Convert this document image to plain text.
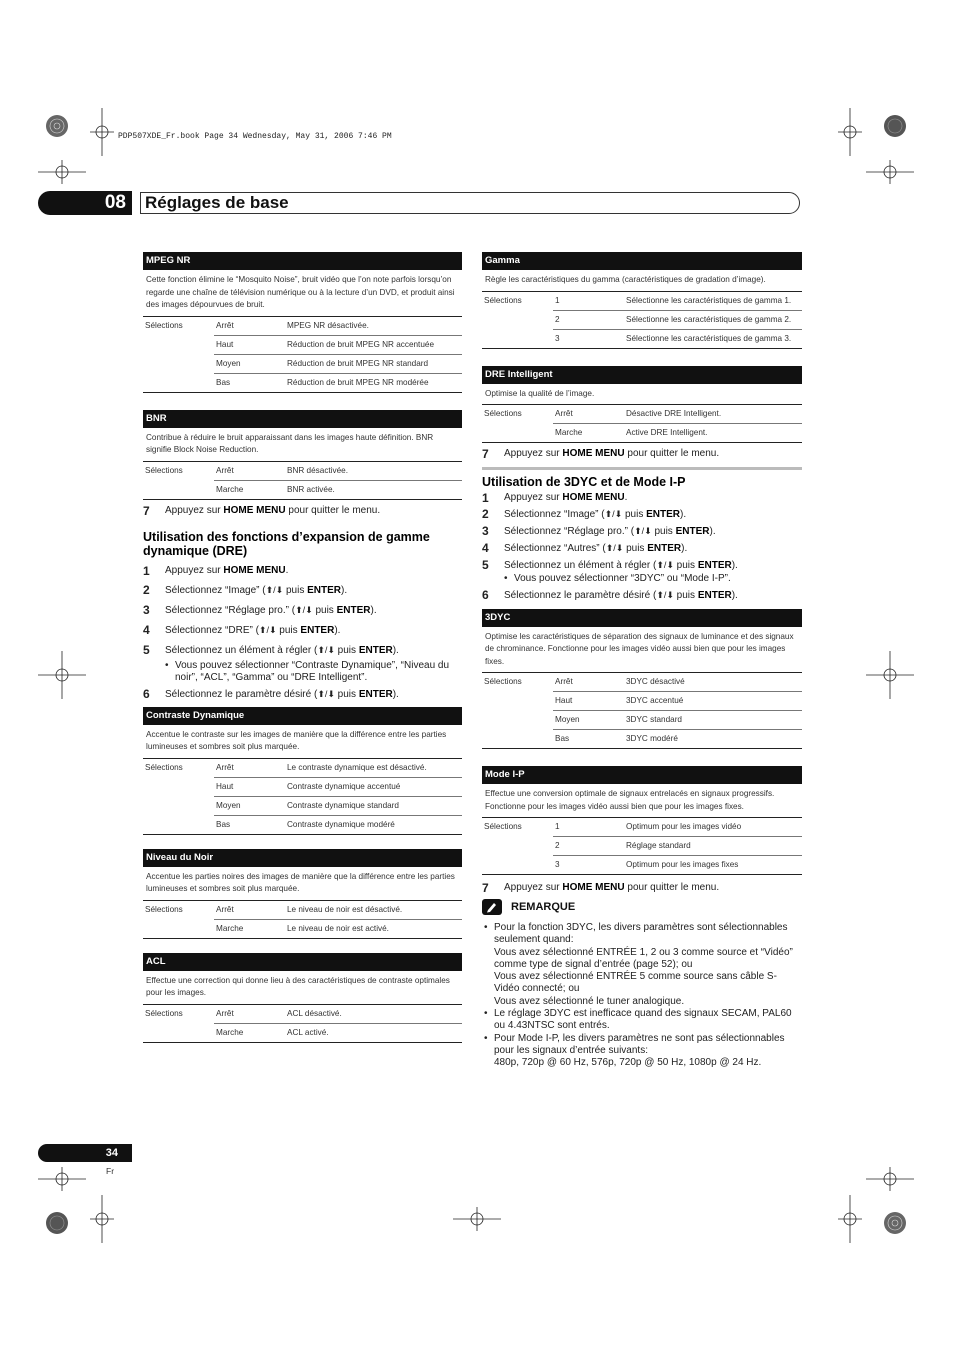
PDP507XDE_Fr.book Page 34 Wednesday, May 31, 2006 7:46 PM
08	Réglages de base
MPEG NR
Cette fonction élimine le “Mosquito Noise”, bruit vidéo que l’on note parfois lorsqu’on regarde une chaîne de télévision numérique ou à la lecture d’un DVD, et produit ainsi des images dépourvues de bruit.
Sélections	Arrêt	MPEG NR désactivée.
Haut	Réduction de bruit MPEG NR accentuée
Moyen	Réduction de bruit MPEG NR standard
Bas	Réduction de bruit MPEG NR modérée
BNR
Contribue à réduire le bruit apparaissant dans les images haute définition. BNR signifie Block Noise Reduction.
Sélections	Arrêt	BNR désactivée.
Marche	BNR activée.
7	Appuyez sur HOME MENU pour quitter le menu.
Utilisation des fonctions d’expansion de gamme dynamique (DRE)
1	Appuyez sur HOME MENU.
2	Sélectionnez “Image” (⬆/⬇ puis ENTER).
3	Sélectionnez “Réglage pro.” (⬆/⬇ puis ENTER).
4	Sélectionnez “DRE” (⬆/⬇ puis ENTER).
5	Sélectionnez un élément à régler (⬆/⬇ puis ENTER).
• Vous pouvez sélectionner “Contraste Dynamique”, “Niveau du noir”, “ACL”, “Gamma” ou “DRE Intelligent”.
6	Sélectionnez le paramètre désiré (⬆/⬇ puis ENTER).
Contraste Dynamique
Accentue le contraste sur les images de manière que la différence entre les parties lumineuses et sombres soit plus marquée.
Sélections	Arrêt	Le contraste dynamique est désactivé.
Haut	Contraste dynamique accentué
Moyen	Contraste dynamique standard
Bas	Contraste dynamique modéré
Niveau du Noir
Accentue les parties noires des images de manière que la différence entre les parties lumineuses et sombres soit plus marquée.
Sélections	Arrêt	Le niveau de noir est désactivé.
Marche	Le niveau de noir est activé.
ACL
Effectue une correction qui donne lieu à des caractéristiques de contraste optimales pour les images.
Sélections	Arrêt	ACL désactivé.
Marche	ACL activé.
Gamma
Règle les caractéristiques du gamma (caractéristiques de gradation d’image).
Sélections	1	Sélectionne les caractéristiques de gamma 1.
2	Sélectionne les caractéristiques de gamma 2.
3	Sélectionne les caractéristiques de gamma 3.
DRE Intelligent
Optimise la qualité de l’image.
Sélections	Arrêt	Désactive DRE Intelligent.
Marche	Active DRE Intelligent.
7	Appuyez sur HOME MENU pour quitter le menu.
Utilisation de 3DYC et de Mode I-P
1	Appuyez sur HOME MENU.
2	Sélectionnez “Image” (⬆/⬇ puis ENTER).
3	Sélectionnez “Réglage pro.” (⬆/⬇ puis ENTER).
4	Sélectionnez “Autres” (⬆/⬇ puis ENTER).
5	Sélectionnez un élément à régler (⬆/⬇ puis ENTER).
• Vous pouvez sélectionner “3DYC” ou “Mode I-P”.
6	Sélectionnez le paramètre désiré (⬆/⬇ puis ENTER).
3DYC
Optimise les caractéristiques de séparation des signaux de luminance et des signaux de chrominance. Fonctionne pour les images vidéo aussi bien que pour les images fixes.
Sélections	Arrêt	3DYC désactivé
Haut	3DYC accentué
Moyen	3DYC standard
Bas	3DYC modéré
Mode I-P
Effectue une conversion optimale de signaux entrelacés en signaux progressifs. Fonctionne pour les images vidéo aussi bien que pour les images fixes.
Sélections	1	Optimum pour les images vidéo
2	Réglage standard
3	Optimum pour les images fixes
7	Appuyez sur HOME MENU pour quitter le menu.
REMARQUE
• Pour la fonction 3DYC, les divers paramètres sont sélectionnables seulement quand:
Vous avez sélectionné ENTRÉE 1, 2 ou 3 comme source et “Vidéo” comme type de signal d’entrée (page 52); ou
Vous avez sélectionné ENTRÉE 5 comme source sans câble S-Vidéo connecté; ou
Vous avez sélectionné le tuner analogique.
• Le réglage 3DYC est inefficace quand des signaux SECAM, PAL60 ou 4.43NTSC sont entrés.
• Pour Mode I-P, les divers paramètres ne sont pas sélectionnables pour les signaux d’entrée suivants:
480p, 720p @ 60 Hz, 576p, 720p @ 50 Hz, 1080p @ 24 Hz.
34
Fr
